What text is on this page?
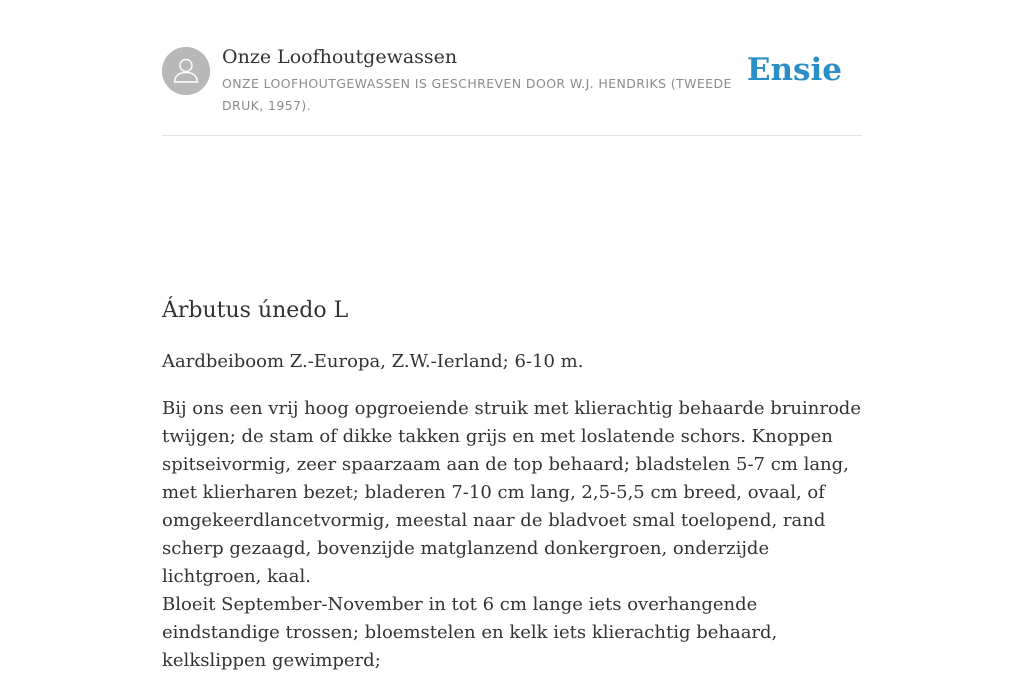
Onze Loofhoutgewassen
ONZE LOOFHOUTGEWASSEN IS GESCHREVEN DOOR W.J. HENDRIKS (TWEEDE DRUK, 1957).
Ensie
Árbutus únedo L

Aardbeiboom Z.-Europa, Z.W.-Ierland; 6-10 m.

Bij ons een vrij hoog opgroeiende struik met klierachtig behaarde bruinrode twijgen; de stam of dikke takken grijs en met loslatende schors. Knoppen spitseivormig, zeer spaarzaam aan de top behaard; bladstelen 5-7 cm lang, met klierharen bezet; bladeren 7-10 cm lang, 2,5-5,5 cm breed, ovaal, of omgekeerdlancetvormig, meestal naar de bladvoet smal toelopend, rand scherp gezaagd, bovenzijde matglanzend donkergroen, onderzijde lichtgroen, kaal.

Bloeit September-November in tot 6 cm lange iets overhangende eindstandige trossen; bloemstelen en kelk iets klierachtig behaard, kelkslippen gewimperd;
